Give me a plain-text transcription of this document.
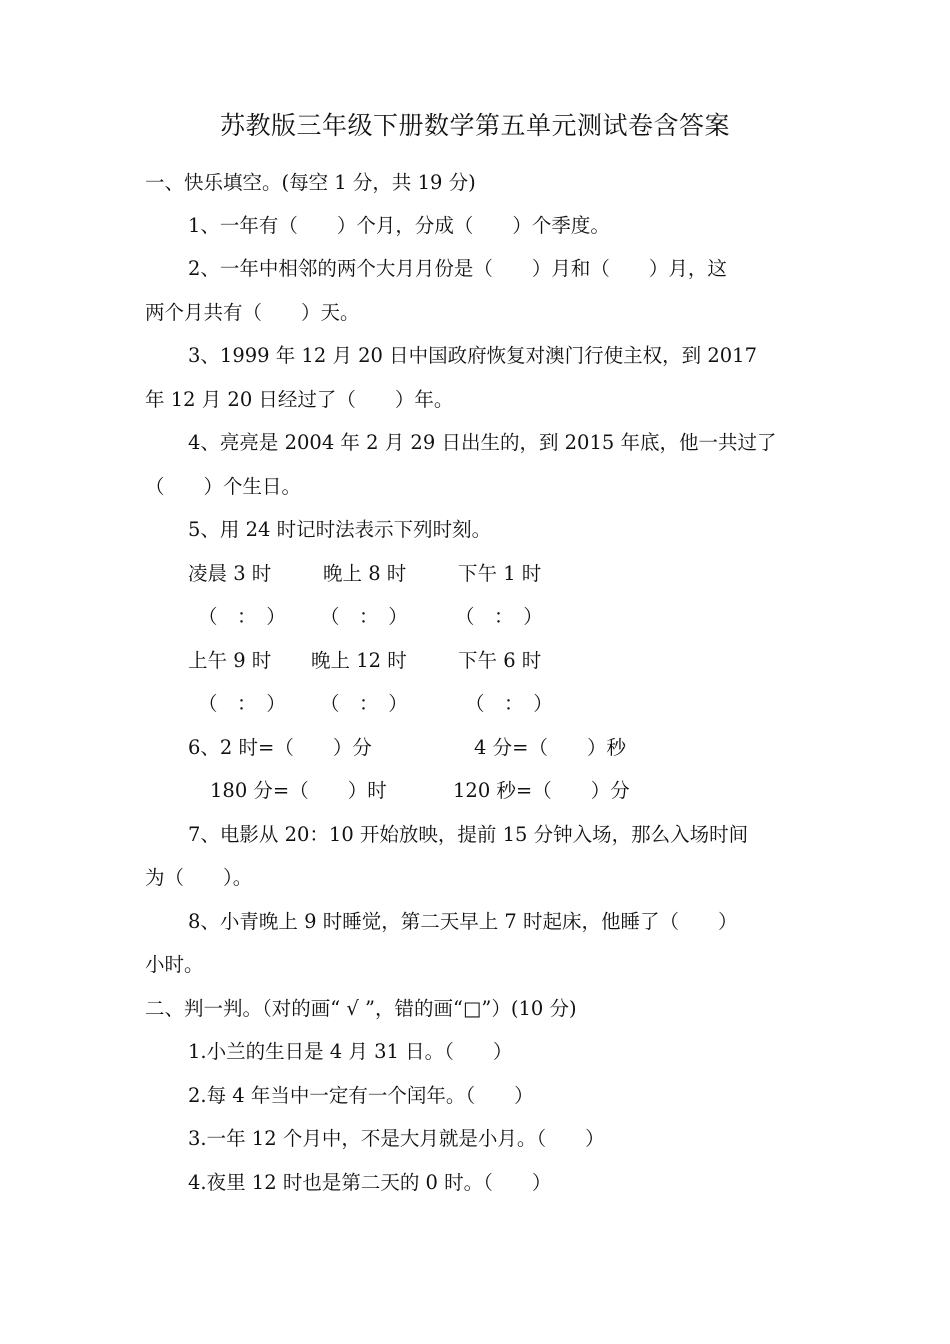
苏教版三年级下册数学第五单元测试卷含答案
一、快乐填空。(每空 1 分，共 19 分)
1、一年有（　　）个月，分成（　　）个季度。
2、一年中相邻的两个大月月份是（　　）月和（　　）月，这
两个月共有（　　）天。
3、1999 年 12 月 20 日中国政府恢复对澳门行使主权，到 2017
年 12 月 20 日经过了（　　）年。
4、亮亮是 2004 年 2 月 29 日出生的，到 2015 年底，他一共过了
（　　）个生日。
5、用 24 时记时法表示下列时刻。
凌晨 3 时	晚上 8 时	下午 1 时
（　：　） （　：　） （　：　）
上午 9 时 晚上 12 时	下午 6 时
（　：　） （　：　）	（　：　）
6、2 时=（　　）分	4 分=（　　）秒
180 分=（　　）时	120 秒=（　　）分
7、电影从 20：10 开始放映，提前 15 分钟入场，那么入场时间
为（　　）。
8、小青晚上 9 时睡觉，第二天早上 7 时起床，他睡了（　　）
小时。
二、判一判。（对的画“ √ ”，错的画“□”）(10 分)
1.小兰的生日是 4 月 31 日。（　　）
2.每 4 年当中一定有一个闰年。（　　）
3.一年 12 个月中，不是大月就是小月。（　　）
4.夜里 12 时也是第二天的 0 时。（　　）
